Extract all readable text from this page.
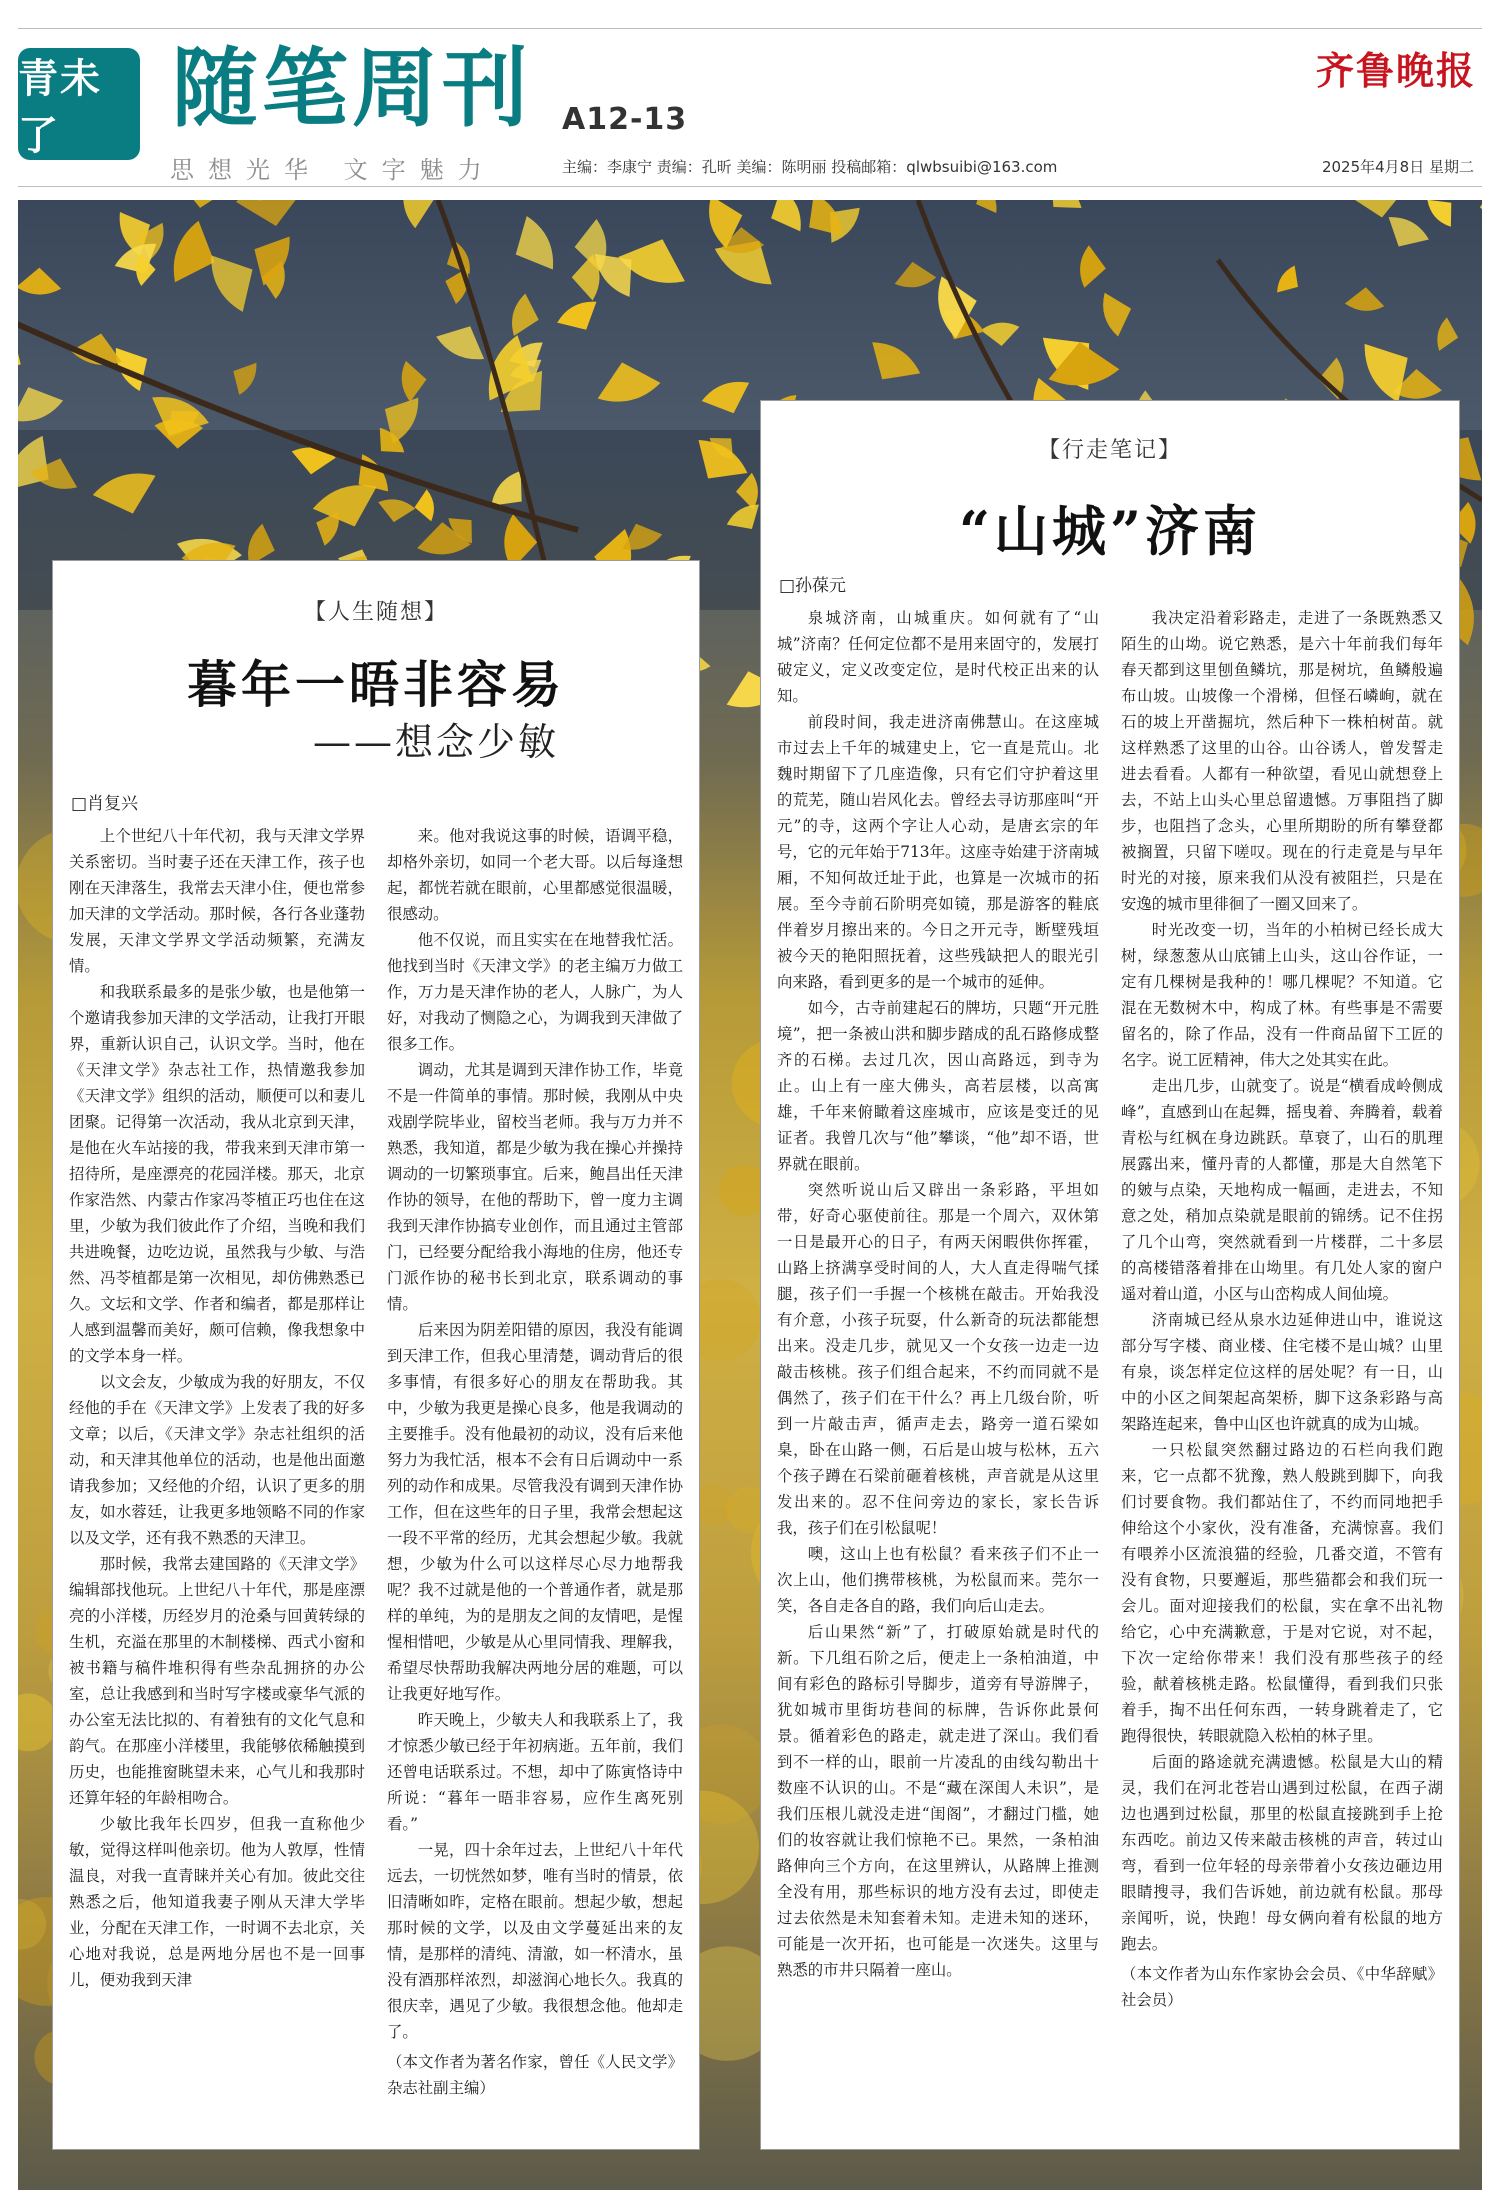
青未了	随笔周刊 A12-13
齐鲁晚报
思想光华 文字魅力	主编：李康宁 责编：孔昕 美编：陈明丽 投稿邮箱：qlwbsuibi@163.com	2025年4月8日 星期二
【人生随想】
暮年一晤非容易
——想念少敏
□肖复兴

上个世纪八十年代初，我与天津文学界关系密切。当时妻子还在天津工作，孩子也刚在天津落生，我常去天津小住，便也常参加天津的文学活动。那时候，各行各业蓬勃发展，天津文学界文学活动频繁，充满友情。

和我联系最多的是张少敏，也是他第一个邀请我参加天津的文学活动，让我打开眼界，重新认识自己，认识文学。当时，他在《天津文学》杂志社工作，热情邀我参加《天津文学》组织的活动，顺便可以和妻儿团聚。记得第一次活动，我从北京到天津，是他在火车站接的我，带我来到天津市第一招待所，是座漂亮的花园洋楼。那天，北京作家浩然、内蒙古作家冯苓植正巧也住在这里，少敏为我们彼此作了介绍，当晚和我们共进晚餐，边吃边说，虽然我与少敏、与浩然、冯苓植都是第一次相见，却仿佛熟悉已久。文坛和文学、作者和编者，都是那样让人感到温馨而美好，颇可信赖，像我想象中的文学本身一样。

以文会友，少敏成为我的好朋友，不仅经他的手在《天津文学》上发表了我的好多文章；以后，《天津文学》杂志社组织的活动，和天津其他单位的活动，也是他出面邀请我参加；又经他的介绍，认识了更多的朋友，如水蓉廷，让我更多地领略不同的作家以及文学，还有我不熟悉的天津卫。

那时候，我常去建国路的《天津文学》编辑部找他玩。上世纪八十年代，那是座漂亮的小洋楼，历经岁月的沧桑与回黄转绿的生机，充溢在那里的木制楼梯、西式小窗和被书籍与稿件堆积得有些杂乱拥挤的办公室，总让我感到和当时写字楼或豪华气派的办公室无法比拟的、有着独有的文化气息和韵气。在那座小洋楼里，我能够依稀触摸到历史，也能推窗眺望未来，心气儿和我那时还算年轻的年龄相吻合。

少敏比我年长四岁，但我一直称他少敏，觉得这样叫他亲切。他为人敦厚，性情温良，对我一直青睐并关心有加。彼此交往熟悉之后，他知道我妻子刚从天津大学毕业，分配在天津工作，一时调不去北京，关心地对我说，总是两地分居也不是一回事儿，便劝我到天津

来。他对我说这事的时候，语调平稳，却格外亲切，如同一个老大哥。以后每逢想起，都恍若就在眼前，心里都感觉很温暖，很感动。

他不仅说，而且实实在在地替我忙活。他找到当时《天津文学》的老主编万力做工作，万力是天津作协的老人，人脉广，为人好，对我动了恻隐之心，为调我到天津做了很多工作。

调动，尤其是调到天津作协工作，毕竟不是一件简单的事情。那时候，我刚从中央戏剧学院毕业，留校当老师。我与万力并不熟悉，我知道，都是少敏为我在操心并操持调动的一切繁琐事宜。后来，鲍昌出任天津作协的领导，在他的帮助下，曾一度力主调我到天津作协搞专业创作，而且通过主管部门，已经要分配给我小海地的住房，他还专门派作协的秘书长到北京，联系调动的事情。

后来因为阴差阳错的原因，我没有能调到天津工作，但我心里清楚，调动背后的很多事情，有很多好心的朋友在帮助我。其中，少敏为我更是操心良多，他是我调动的主要推手。没有他最初的动议，没有后来他努力为我忙活，根本不会有日后调动中一系列的动作和成果。尽管我没有调到天津作协工作，但在这些年的日子里，我常会想起这一段不平常的经历，尤其会想起少敏。我就想，少敏为什么可以这样尽心尽力地帮我呢？我不过就是他的一个普通作者，就是那样的单纯，为的是朋友之间的友情吧，是惺惺相惜吧，少敏是从心里同情我、理解我，希望尽快帮助我解决两地分居的难题，可以让我更好地写作。

昨天晚上，少敏夫人和我联系上了，我才惊悉少敏已经于年初病逝。五年前，我们还曾电话联系过。不想，却中了陈寅恪诗中所说：“暮年一晤非容易，应作生离死别看。”

一晃，四十余年过去，上世纪八十年代远去，一切恍然如梦，唯有当时的情景，依旧清晰如昨，定格在眼前。想起少敏，想起那时候的文学，以及由文学蔓延出来的友情，是那样的清纯、清澈，如一杯清水，虽没有酒那样浓烈，却滋润心地长久。我真的很庆幸，遇见了少敏。我很想念他。他却走了。

（本文作者为著名作家，曾任《人民文学》杂志社副主编）

【行走笔记】
“山城”济南
□孙葆元

泉城济南，山城重庆。如何就有了“山城”济南？任何定位都不是用来固守的，发展打破定义，定义改变定位，是时代校正出来的认知。

前段时间，我走进济南佛慧山。在这座城市过去上千年的城建史上，它一直是荒山。北魏时期留下了几座造像，只有它们守护着这里的荒芜，随山岩风化去。曾经去寻访那座叫“开元”的寺，这两个字让人心动，是唐玄宗的年号，它的元年始于713年。这座寺始建于济南城厢，不知何故迁址于此，也算是一次城市的拓展。至今寺前石阶明亮如镜，那是游客的鞋底伴着岁月擦出来的。今日之开元寺，断壁残垣被今天的艳阳照抚着，这些残缺把人的眼光引向来路，看到更多的是一个城市的延伸。

如今，古寺前建起石的牌坊，只题“开元胜境”，把一条被山洪和脚步踏成的乱石路修成整齐的石梯。去过几次，因山高路远，到寺为止。山上有一座大佛头，高若层楼，以高寓雄，千年来俯瞰着这座城市，应该是变迁的见证者。我曾几次与“他”攀谈，“他”却不语，世界就在眼前。

突然听说山后又辟出一条彩路，平坦如带，好奇心驱使前往。那是一个周六，双休第一日是最开心的日子，有两天闲暇供你挥霍，山路上挤满享受时间的人，大人直走得喘气揉腿，孩子们一手握一个核桃在敲击。开始我没有介意，小孩子玩耍，什么新奇的玩法都能想出来。没走几步，就见又一个女孩一边走一边敲击核桃。孩子们组合起来，不约而同就不是偶然了，孩子们在干什么？再上几级台阶，听到一片敲击声，循声走去，路旁一道石梁如臬，卧在山路一侧，石后是山坡与松林，五六个孩子蹲在石梁前砸着核桃，声音就是从这里发出来的。忍不住问旁边的家长，家长告诉我，孩子们在引松鼠呢！

噢，这山上也有松鼠？看来孩子们不止一次上山，他们携带核桃，为松鼠而来。莞尔一笑，各自走各自的路，我们向后山走去。

后山果然“新”了，打破原始就是时代的新。下几组石阶之后，便走上一条柏油道，中间有彩色的路标引导脚步，道旁有导游牌子，犹如城市里街坊巷间的标牌，告诉你此景何景。循着彩色的路走，就走进了深山。我们看到不一样的山，眼前一片凌乱的由线勾勒出十数座不认识的山。不是“藏在深闺人未识”，是我们压根儿就没走进“闺阁”，才翻过门槛，她们的妆容就让我们惊艳不已。果然，一条柏油路伸向三个方向，在这里辨认，从路牌上推测全没有用，那些标识的地方没有去过，即使走过去依然是未知套着未知。走进未知的迷环，可能是一次开拓，也可能是一次迷失。这里与熟悉的市井只隔着一座山。

我决定沿着彩路走，走进了一条既熟悉又陌生的山坳。说它熟悉，是六十年前我们每年春天都到这里刨鱼鳞坑，那是树坑，鱼鳞般遍布山坡。山坡像一个滑梯，但怪石嶙峋，就在石的坡上开凿掘坑，然后种下一株柏树苗。就这样熟悉了这里的山谷。山谷诱人，曾发誓走进去看看。人都有一种欲望，看见山就想登上去，不站上山头心里总留遗憾。万事阻挡了脚步，也阻挡了念头，心里所期盼的所有攀登都被搁置，只留下嗟叹。现在的行走竟是与早年时光的对接，原来我们从没有被阻拦，只是在安逸的城市里徘徊了一圈又回来了。

时光改变一切，当年的小柏树已经长成大树，绿葱葱从山底铺上山头，这山谷作证，一定有几棵树是我种的！哪几棵呢？不知道。它混在无数树木中，构成了林。有些事是不需要留名的，除了作品，没有一件商品留下工匠的名字。说工匠精神，伟大之处其实在此。

走出几步，山就变了。说是“横看成岭侧成峰”，直感到山在起舞，摇曳着、奔腾着，载着青松与红枫在身边跳跃。草衰了，山石的肌理展露出来，懂丹青的人都懂，那是大自然笔下的皴与点染，天地构成一幅画，走进去，不知意之处，稍加点染就是眼前的锦绣。记不住拐了几个山弯，突然就看到一片楼群，二十多层的高楼错落着排在山坳里。有几处人家的窗户遥对着山道，小区与山峦构成人间仙境。

济南城已经从泉水边延伸进山中，谁说这部分写字楼、商业楼、住宅楼不是山城？山里有泉，谈怎样定位这样的居处呢？有一日，山中的小区之间架起高架桥，脚下这条彩路与高架路连起来，鲁中山区也许就真的成为山城。

一只松鼠突然翻过路边的石栏向我们跑来，它一点都不犹豫，熟人般跳到脚下，向我们讨要食物。我们都站住了，不约而同地把手伸给这个小家伙，没有准备，充满惊喜。我们有喂养小区流浪猫的经验，几番交道，不管有没有食物，只要邂逅，那些猫都会和我们玩一会儿。面对迎接我们的松鼠，实在拿不出礼物给它，心中充满歉意，于是对它说，对不起，下次一定给你带来！我们没有那些孩子的经验，献着核桃走路。松鼠懂得，看到我们只张着手，掏不出任何东西，一转身跳着走了，它跑得很快，转眼就隐入松柏的林子里。

后面的路途就充满遗憾。松鼠是大山的精灵，我们在河北苍岩山遇到过松鼠，在西子湖边也遇到过松鼠，那里的松鼠直接跳到手上抢东西吃。前边又传来敲击核桃的声音，转过山弯，看到一位年轻的母亲带着小女孩边砸边用眼睛搜寻，我们告诉她，前边就有松鼠。那母亲闻听，说，快跑！母女俩向着有松鼠的地方跑去。

（本文作者为山东作家协会会员、《中华辞赋》社会员）
